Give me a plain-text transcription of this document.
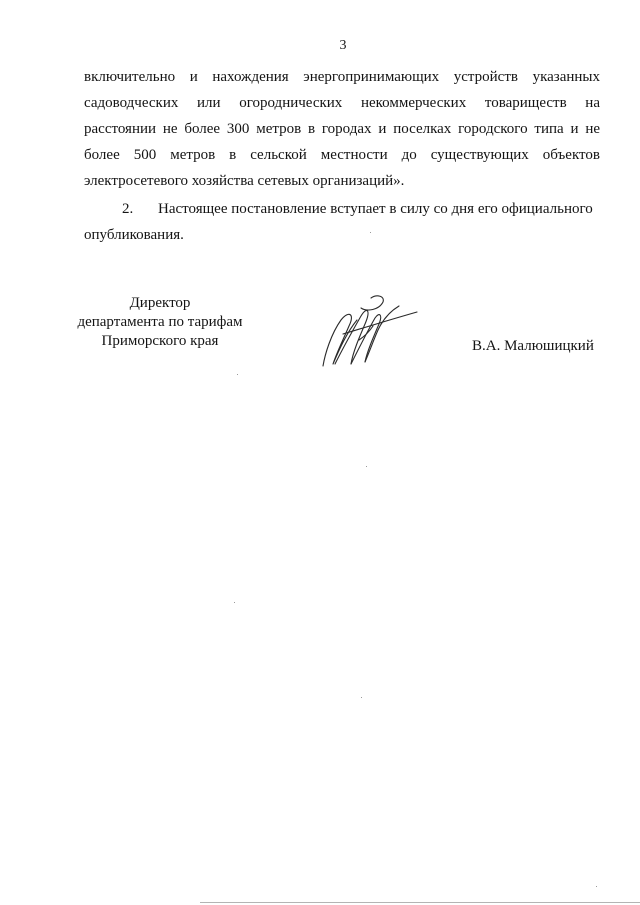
3
включительно и нахождения энергопринимающих устройств указанных
садоводческих или огороднических некоммерческих товариществ на
расстоянии не более 300 метров в городах и поселках городского типа и не
более 500 метров в сельской местности до существующих объектов
электросетевого хозяйства сетевых организаций».
2. Настоящее постановление вступает в силу со дня его официального
опубликования.
Директор
департамента по тарифам
Приморского края	В.А. Малюшицкий
